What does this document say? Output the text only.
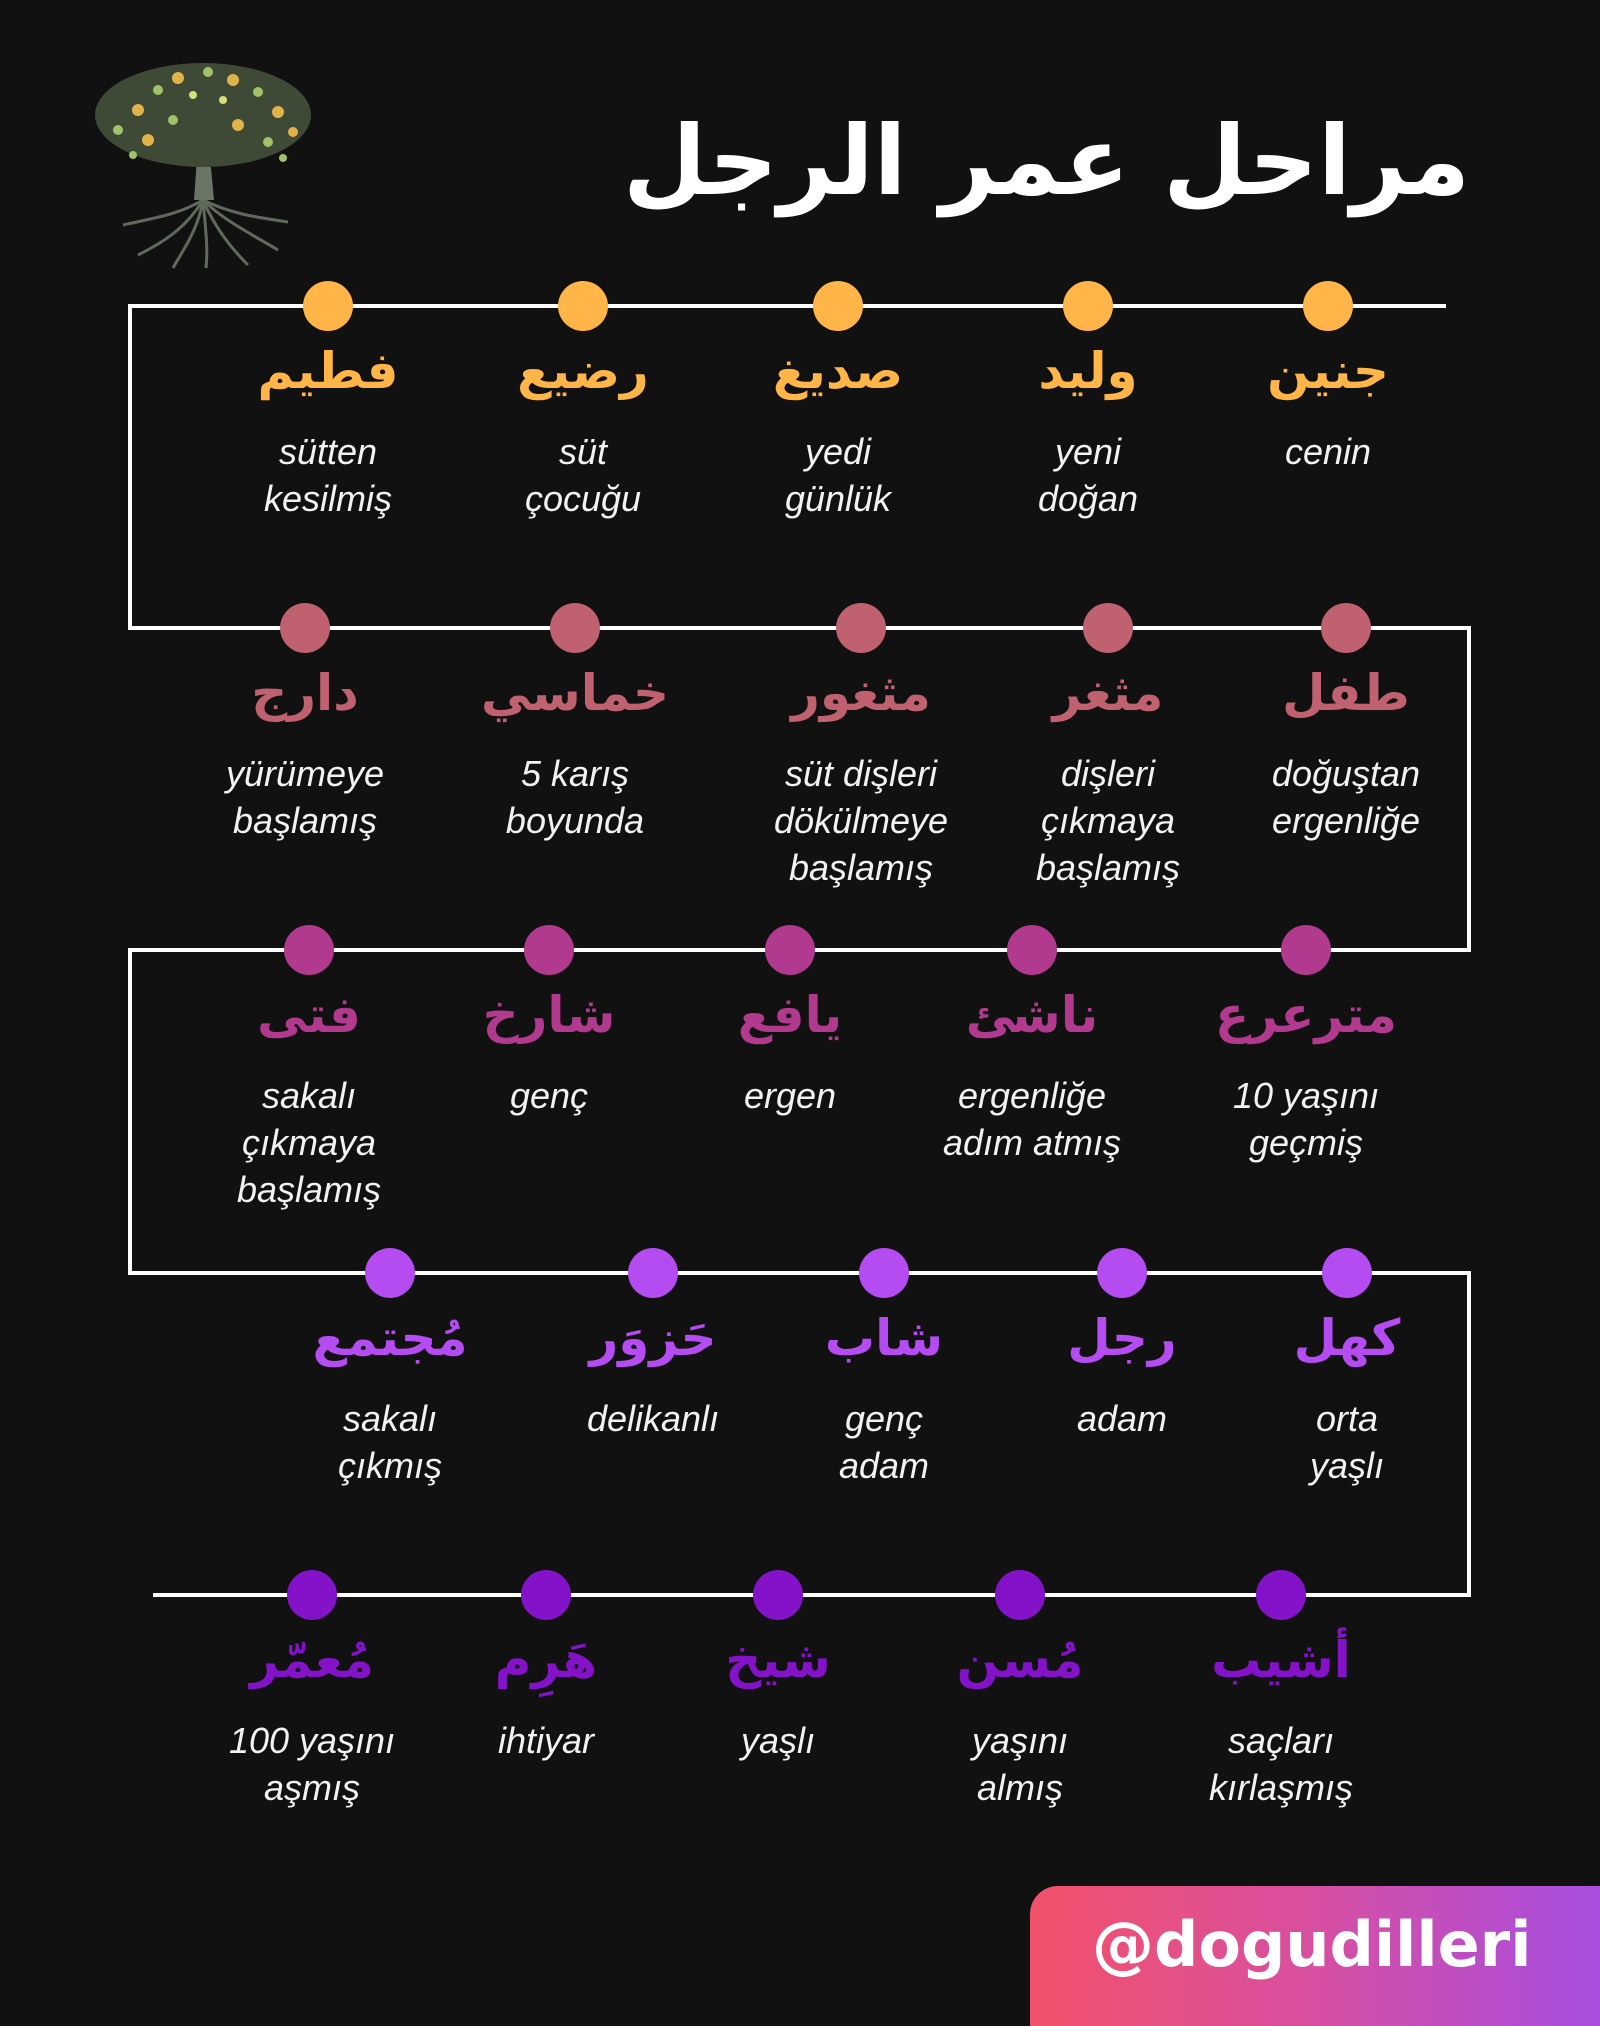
مراحل عمر الرجل
جنين
cenin
وليد
yeni
doğan
صديغ
yedi
günlük
رضيع
süt
çocuğu
فطيم
sütten
kesilmiş
طفل
doğuştan
ergenliğe
مثغر
dişleri
çıkmaya
başlamış
مثغور
süt dişleri
dökülmeye
başlamış
خماسي
5 karış
boyunda
دارج
yürümeye
başlamış
مترعرع
10 yaşını
geçmiş
ناشئ
ergenliğe
adım atmış
يافع
ergen
شارخ
genç
فتى
sakalı
çıkmaya
başlamış
كهل
orta
yaşlı
رجل
adam
شاب
genç
adam
حَزوَر
delikanlı
مُجتمع
sakalı
çıkmış
أشيب
saçları
kırlaşmış
مُسن
yaşını
almış
شيخ
yaşlı
هَرِم
ihtiyar
مُعمّر
100 yaşını
aşmış
@dogudilleri
